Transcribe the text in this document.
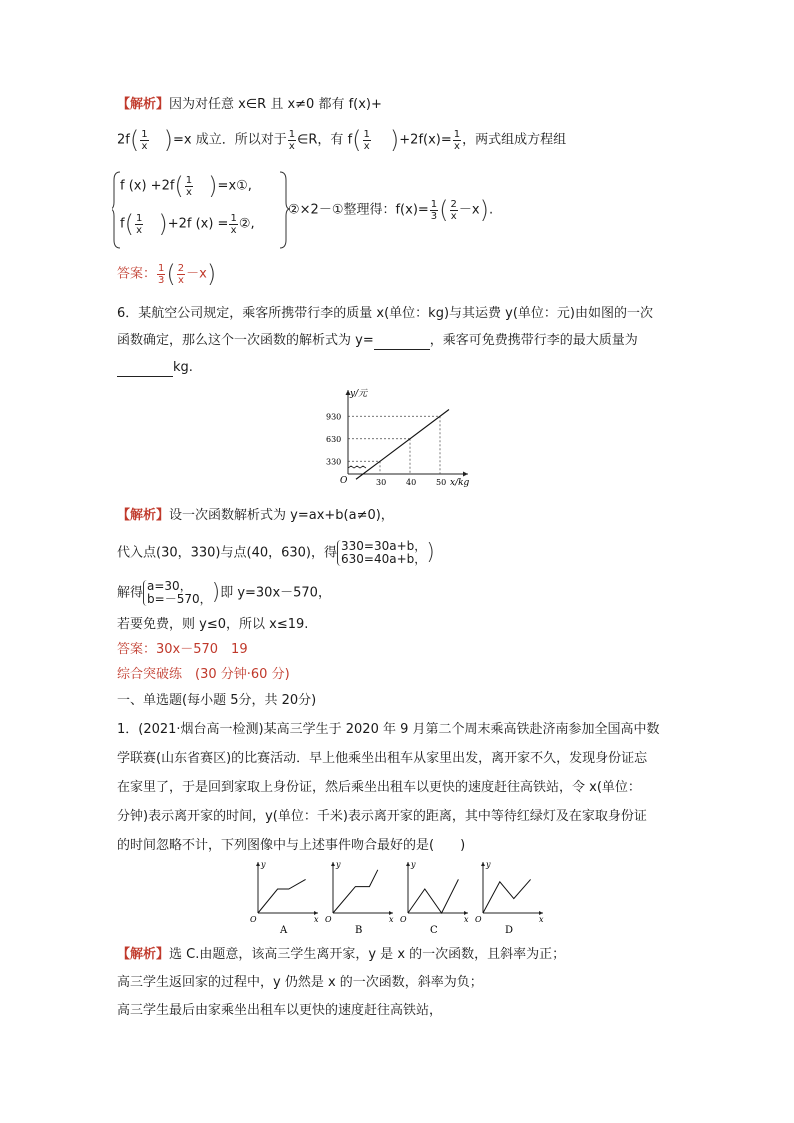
【解析】因为对任意 x∈R 且 x≠0 都有 f(x)+
$2f( \frac{1}{x} )=x$ 成立．所以对于 $\frac{1}{x}$ ∈R，有 $f( \frac{1}{x} )+2f(x)= \frac{1}{x}$ ，两式组成方程组
f $(x) +2f( \frac{1}{x}$ )=x①,
$f( \frac{1}{x} )+2f$ $(x) = \frac{1}{x}$ ②,
②×2－①整理得：$f(x)= \frac{1}{3}$ ( $\frac{2}{x} -x$).
答案： $\frac{1}{3}$ ( $\frac{2}{x} -x$)
6．某航空公司规定，乘客所携带行李的质量 x(单位：kg)与其运费 y(单位：元)由如图的一次
函数确定，那么这个一次函数的解析式为 y=	，乘客可免费携带行李的最大质量为
kg.
O
y/元
x/kg
30
330
40
630
50
930
【解析】设一次函数解析式为 y=ax+b(a≠0)，
代入点(30，330)与点(40，630)，得 330=30a+b，
630=40a+b， )
解得 a=30，
b=－570， )即 y=30x－570，
若要免费，则 y≤0，所以 x≤19.
答案：30x－570　19
综合突破练　 (30 分钟·60 分)
一、单选题(每小题 5分，共 20分)
1．(2021·烟台高一检测)某高三学生于 2020 年 9 月第二个周末乘高铁赴济南参加全国高中数
学联赛(山东省赛区)的比赛活动．早上他乘坐出租车从家里出发，离开家不久，发现身份证忘
在家里了，于是回到家取上身份证，然后乘坐出租车以更快的速度赶往高铁站，令 x(单位：
分钟)表示离开家的时间，y(单位：千米)表示离开家的距离，其中等待红绿灯及在家取身份证
的时间忽略不计，下列图像中与上述事件吻合最好的是(　　)
y
x
O
A
y
x
O
B
y
x
O
C
y
x
O
D
【解析】选 C.由题意，该高三学生离开家，y 是 x 的一次函数，且斜率为正；
高三学生返回家的过程中，y 仍然是 x 的一次函数，斜率为负；
高三学生最后由家乘坐出租车以更快的速度赶往高铁站，
